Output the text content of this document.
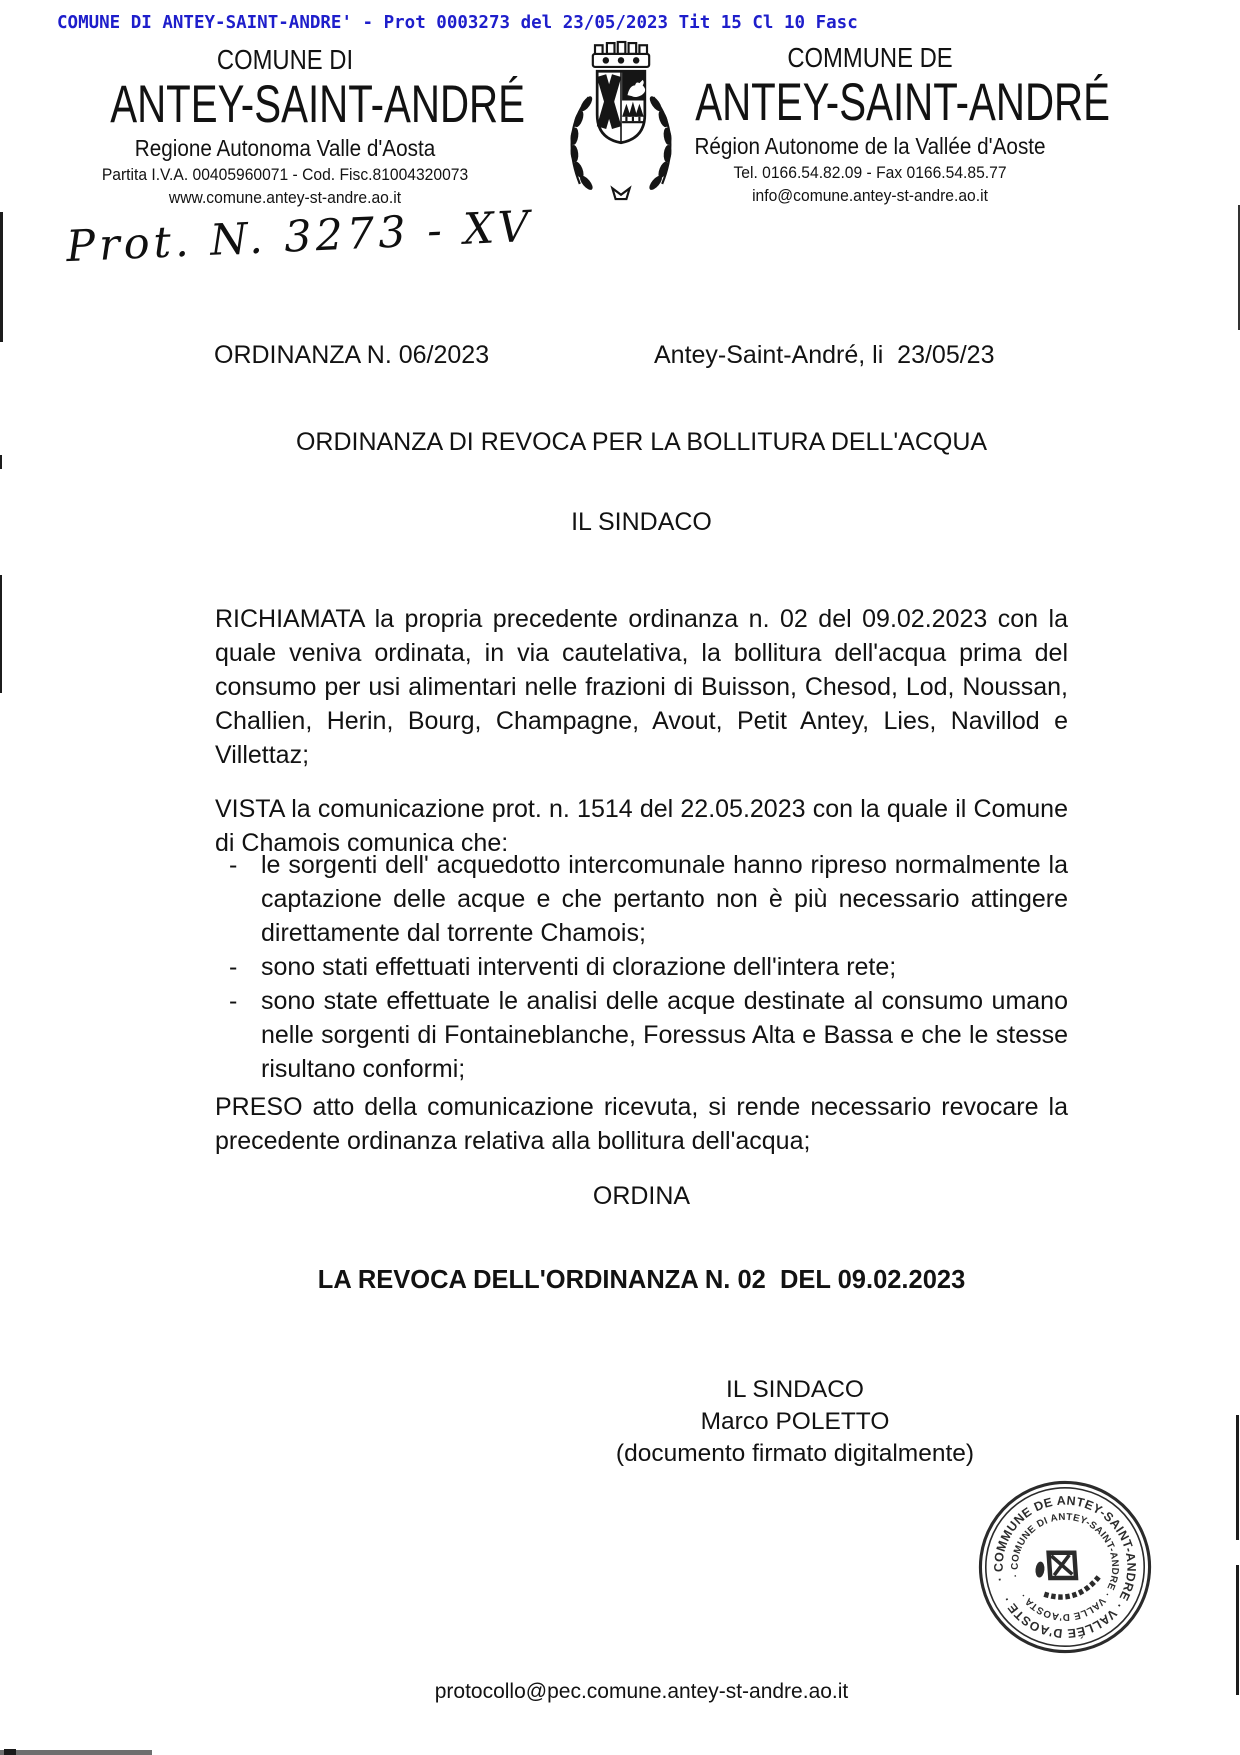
COMUNE DI ANTEY-SAINT-ANDRE' - Prot 0003273 del 23/05/2023 Tit 15 Cl 10 Fasc
COMUNE DI
ANTEY-SAINT-ANDRÉ
Regione Autonoma Valle d'Aosta
Partita I.V.A. 00405960071 - Cod. Fisc.81004320073
www.comune.antey-st-andre.ao.it
COMMUNE DE
ANTEY-SAINT-ANDRÉ
Région Autonome de la Vallée d'Aoste
Tel. 0166.54.82.09 - Fax 0166.54.85.77
info@comune.antey-st-andre.ao.it
Prot. N. 3273 - XV
ORDINANZA N. 06/2023	Antey-Saint-André, li  23/05/23
ORDINANZA DI REVOCA PER LA BOLLITURA DELL'ACQUA
IL SINDACO
RICHIAMATA la propria precedente ordinanza n. 02 del 09.02.2023 con la quale veniva ordinata, in via cautelativa, la bollitura dell'acqua prima del consumo per usi alimentari nelle frazioni di Buisson, Chesod, Lod, Noussan, Challien, Herin, Bourg, Champagne, Avout, Petit Antey, Lies, Navillod e Villettaz;
VISTA la comunicazione prot. n. 1514 del 22.05.2023 con la quale il Comune di Chamois comunica che:
- le sorgenti dell' acquedotto intercomunale hanno ripreso normalmente la captazione delle acque e che pertanto non è più necessario attingere direttamente dal torrente Chamois;
- sono stati effettuati interventi di clorazione dell'intera rete;
- sono state effettuate le analisi delle acque destinate al consumo umano nelle sorgenti di Fontaineblanche, Foressus Alta e Bassa e che le stesse risultano conformi;
PRESO atto della comunicazione ricevuta, si rende necessario revocare la precedente ordinanza relativa alla bollitura dell'acqua;
ORDINA
LA REVOCA DELL'ORDINANZA N. 02  DEL 09.02.2023
IL SINDACO
Marco POLETTO
(documento firmato digitalmente)
· COMMUNE DE ANTEY-SAINT-ANDRE · VALLÉE D'AOSTE ·
· COMUNE DI ANTEY-SAINT-ANDRE · VALLE D'AOSTA ·
protocollo@pec.comune.antey-st-andre.ao.it
